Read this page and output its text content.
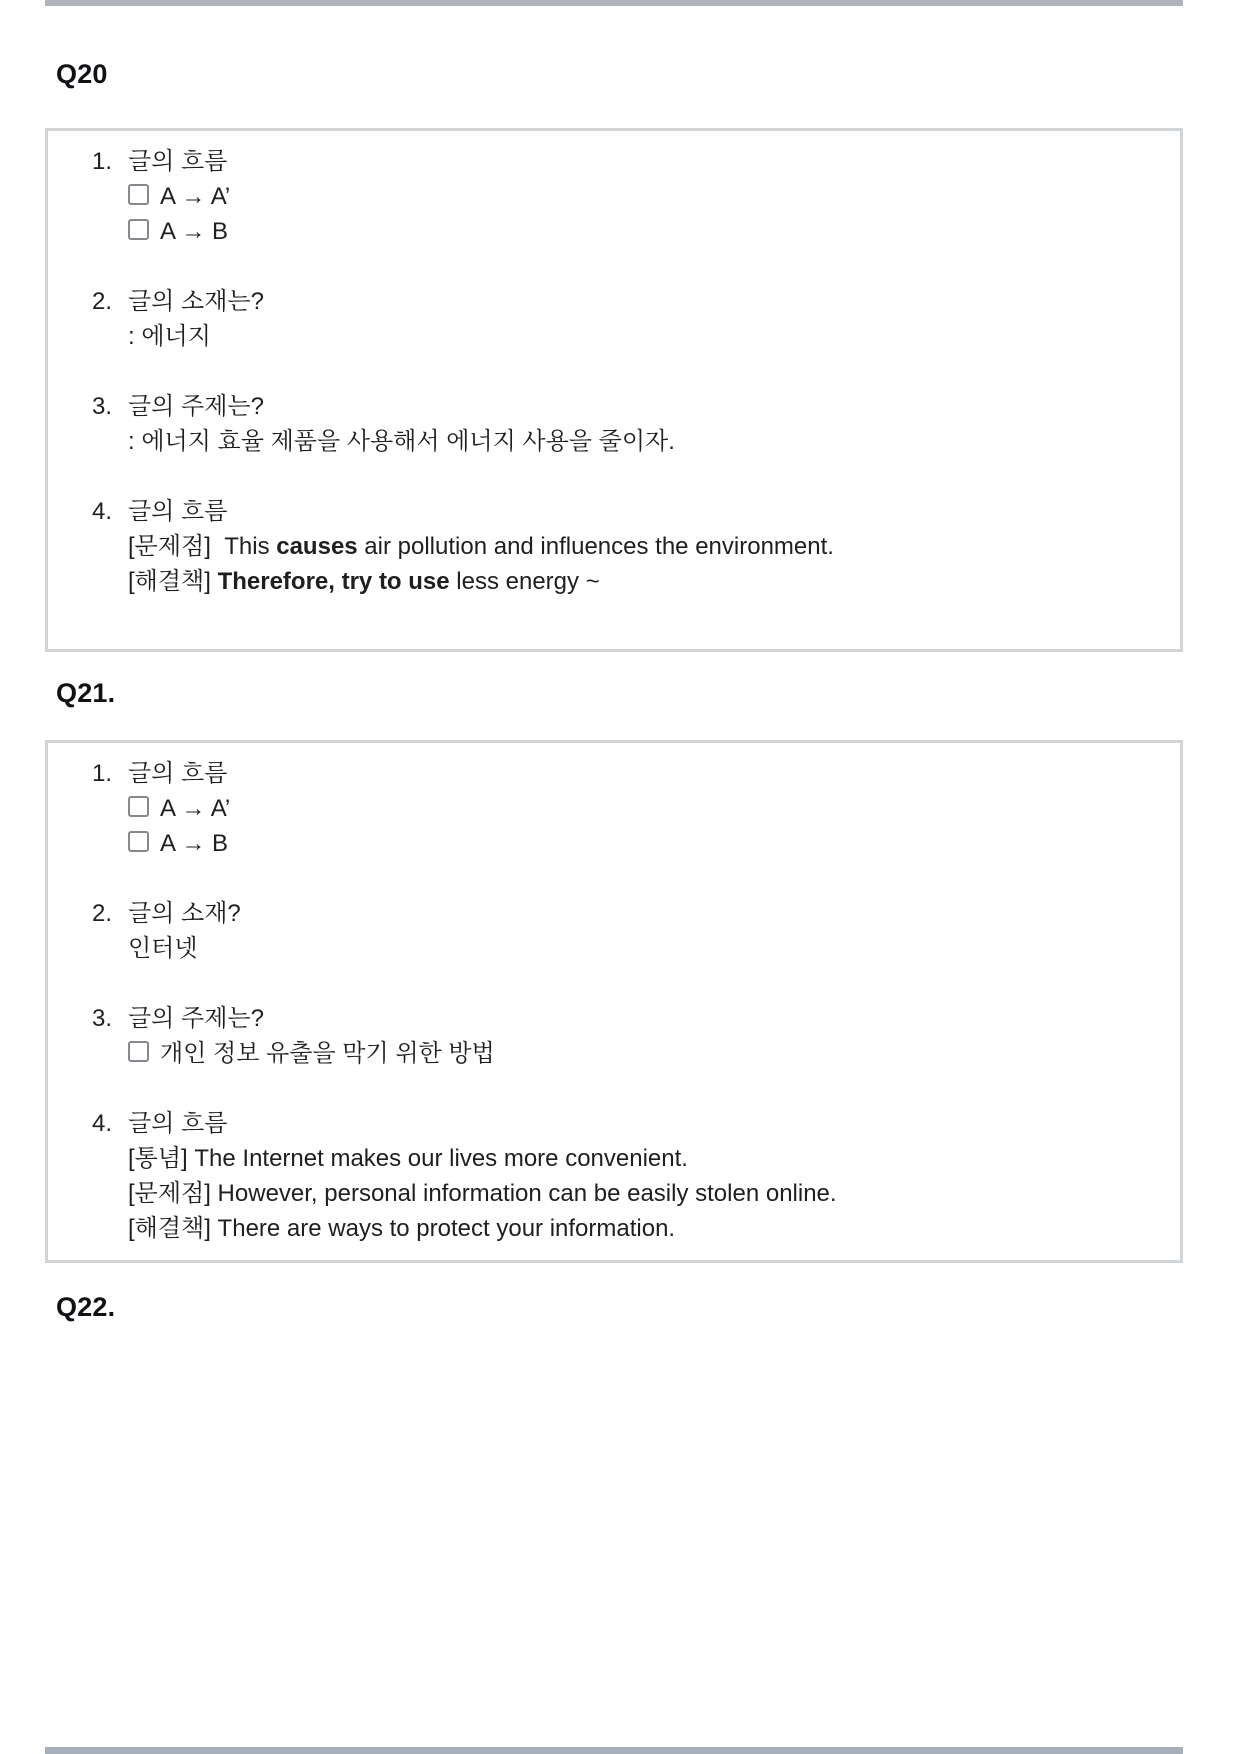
Q20
1. 글의 흐름
A → A’
A → B
2. 글의 소재는?
: 에너지
3. 글의 주제는?
: 에너지 효율 제품을 사용해서 에너지 사용을 줄이자.
4. 글의 흐름
[문제점]  This causes air pollution and influences the environment.
[해결책] Therefore, try to use less energy ~
Q21.
1. 글의 흐름
A → A’
A → B
2. 글의 소재?
인터넷
3. 글의 주제는?
개인 정보 유출을 막기 위한 방법
4. 글의 흐름
[통념] The Internet makes our lives more convenient.
[문제점] However, personal information can be easily stolen online.
[해결책] There are ways to protect your information.
Q22.
